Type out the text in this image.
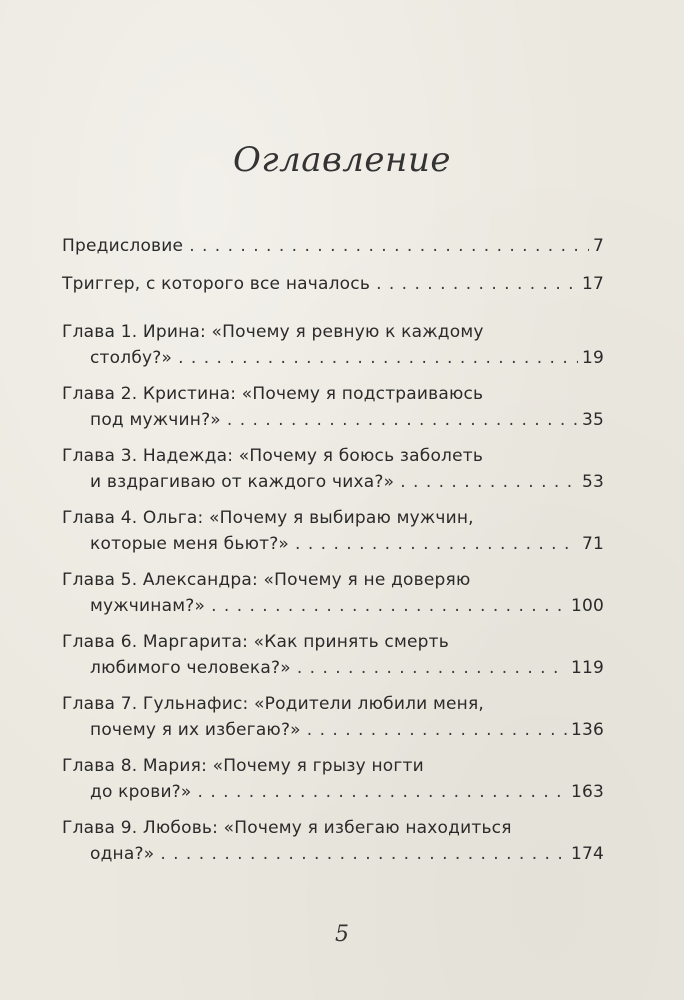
Оглавление
Предисловие . . .	7
Триггер, с которого все началось . . .	17
Глава 1. Ирина: «Почему я ревную к каждому
столбу?» . . .	19
Глава 2. Кристина: «Почему я подстраиваюсь
под мужчин?» . . .	35
Глава 3. Надежда: «Почему я боюсь заболеть
и вздрагиваю от каждого чиха?» . . .	53
Глава 4. Ольга: «Почему я выбираю мужчин,
которые меня бьют?» . . .	71
Глава 5. Александра: «Почему я не доверяю
мужчинам?» . . .	100
Глава 6. Маргарита: «Как принять смерть
любимого человека?» . . .	119
Глава 7. Гульнафис: «Родители любили меня,
почему я их избегаю?» . . .	136
Глава 8. Мария: «Почему я грызу ногти
до крови?» . . .	163
Глава 9. Любовь: «Почему я избегаю находиться
одна?» . . .	174
5
